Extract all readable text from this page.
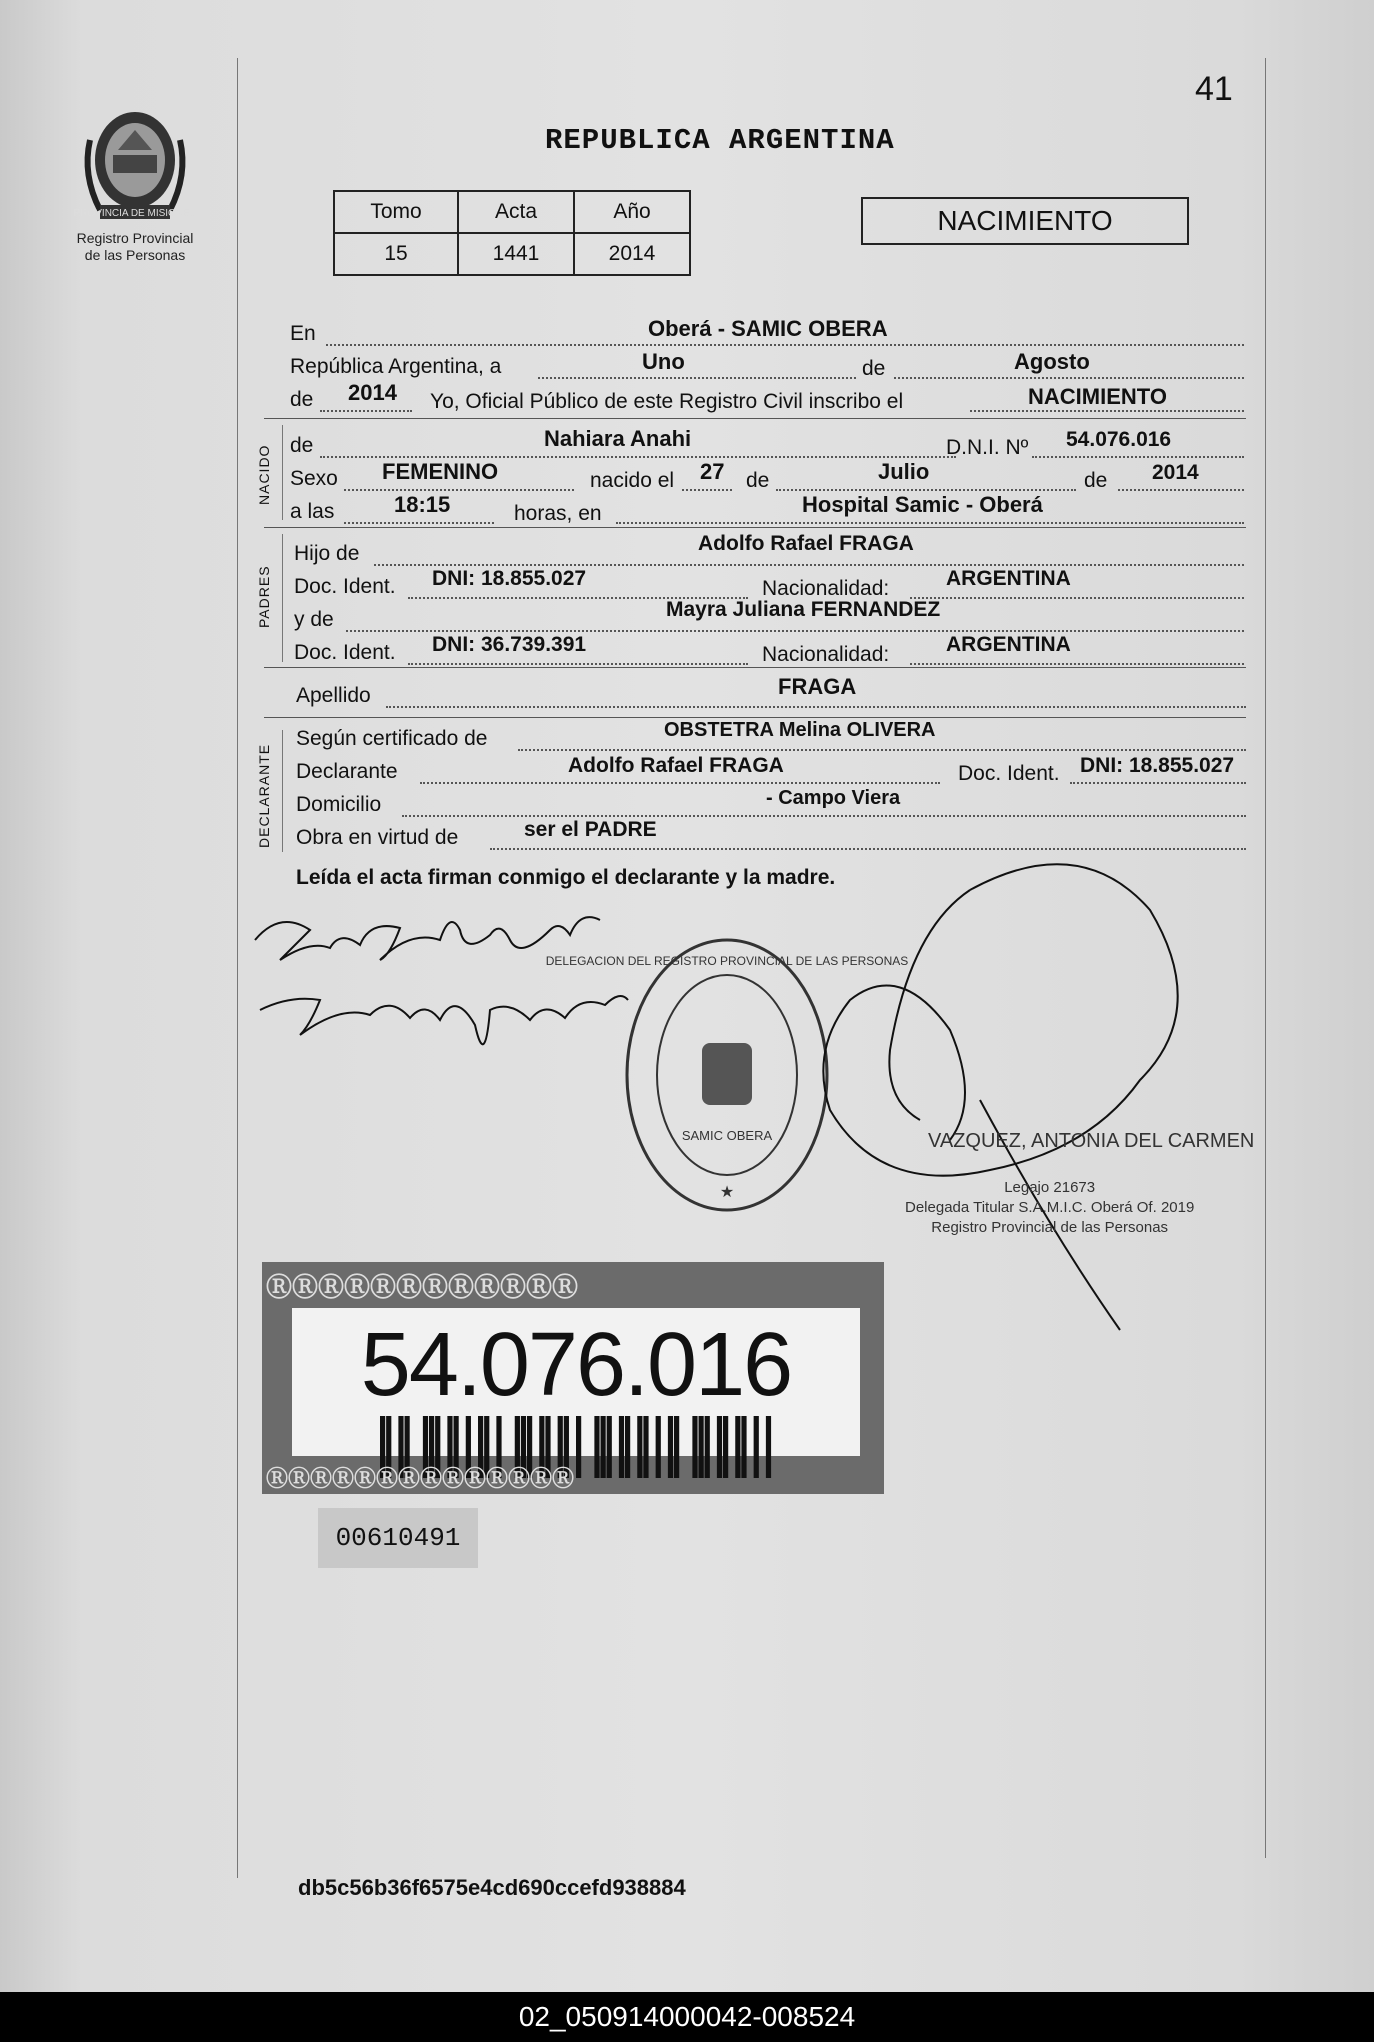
PROVINCIA DE MISIONES
Registro Provincial
de las Personas
41
REPUBLICA ARGENTINA
Tomo	Acta	Año
15	1441	2014
NACIMIENTO
En	Oberá - SAMIC OBERA
República Argentina, a	Uno	de	Agosto
de 2014 Yo, Oficial Público de este Registro Civil inscribo el	NACIMIENTO
NACIDO de	Nahiara Anahi	D.N.I. Nº 54.076.016
Sexo FEMENINO	nacido el 27 de	Julio	de 2014
a las	18:15	horas, en	Hospital Samic - Oberá
PADRES
Hijo de	Adolfo Rafael FRAGA
Doc. Ident. DNI: 18.855.027	Nacionalidad:	ARGENTINA
y de	Mayra Juliana FERNANDEZ
Doc. Ident. DNI: 36.739.391	Nacionalidad:	ARGENTINA
Apellido	FRAGA
DECLARANTE
Según certificado de	OBSTETRA Melina OLIVERA
Declarante	Adolfo Rafael FRAGA	Doc. Ident. DNI: 18.855.027
Domicilio	- Campo Viera
Obra en virtud de	ser el PADRE
Leída el acta firman conmigo el declarante y la madre.
DELEGACION DEL REGISTRO PROVINCIAL DE LAS PERSONAS
SAMIC OBERA
★
VAZQUEZ, ANTONIA DEL CARMEN
Legajo 21673
Delegada Titular S.A.M.I.C. Oberá Of. 2019
Registro Provincial de las Personas
ⓇⓇⓇⓇⓇⓇⓇⓇⓇⓇⓇⓇ
54.076.016
ⓇⓇⓇⓇⓇⓇⓇⓇⓇⓇⓇⓇⓇⓇ
00610491
db5c56b36f6575e4cd690ccefd938884
02_050914000042-008524
